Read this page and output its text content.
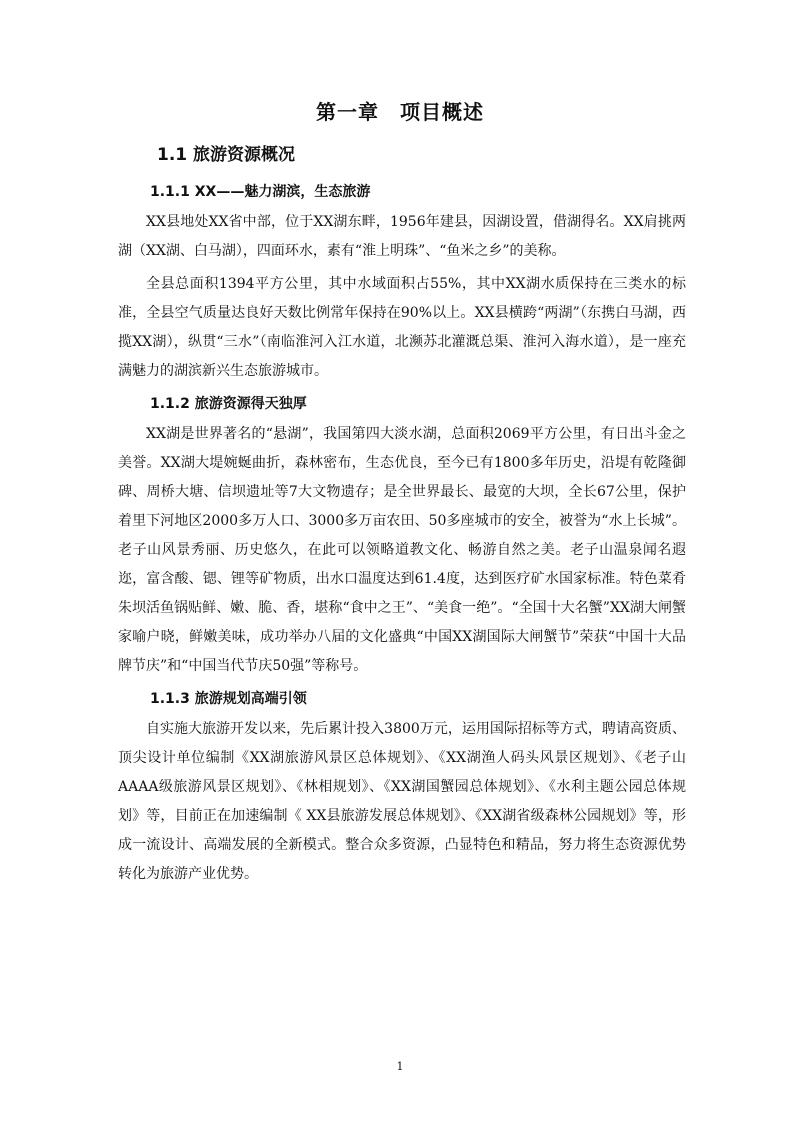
第一章　项目概述
1.1 旅游资源概况
1.1.1 XX——魅力湖滨，生态旅游

XX县地处XX省中部，位于XX湖东畔，1956年建县，因湖设置，借湖得名。XX肩挑两湖（XX湖、白马湖），四面环水，素有“淮上明珠”、“鱼米之乡”的美称。

全县总面积1394平方公里，其中水域面积占55%，其中XX湖水质保持在三类水的标准，全县空气质量达良好天数比例常年保持在90%以上。XX县横跨“两湖”（东携白马湖，西揽XX湖），纵贯“三水”（南临淮河入江水道，北濒苏北灌溉总渠、淮河入海水道），是一座充满魅力的湖滨新兴生态旅游城市。

1.1.2 旅游资源得天独厚

XX湖是世界著名的“悬湖”，我国第四大淡水湖，总面积2069平方公里，有日出斗金之美誉。XX湖大堤婉蜒曲折，森林密布，生态优良，至今已有1800多年历史，沿堤有乾隆御碑、周桥大塘、信坝遗址等7大文物遗存；是全世界最长、最宽的大坝，全长67公里，保护着里下河地区2000多万人口、3000多万亩农田、50多座城市的安全，被誉为“水上长城”。老子山风景秀丽、历史悠久，在此可以领略道教文化、畅游自然之美。老子山温泉闻名遐迩，富含酸、锶、锂等矿物质，出水口温度达到61.4度，达到医疗矿水国家标准。特色菜肴朱坝活鱼锅贴鲜、嫩、脆、香，堪称“食中之王”、“美食一绝”。“全国十大名蟹”XX湖大闸蟹家喻户晓，鲜嫩美味，成功举办八届的文化盛典“中国XX湖国际大闸蟹节”荣获“中国十大品牌节庆”和“中国当代节庆50强”等称号。

1.1.3 旅游规划高端引领

自实施大旅游开发以来，先后累计投入3800万元，运用国际招标等方式，聘请高资质、顶尖设计单位编制《XX湖旅游风景区总体规划》、《XX湖渔人码头风景区规划》、《老子山AAAA级旅游风景区规划》、《林相规划》、《XX湖国蟹园总体规划》、《水利主题公园总体规划》等，目前正在加速编制《 XX县旅游发展总体规划》、《XX湖省级森林公园规划》等，形成一流设计、高端发展的全新模式。整合众多资源，凸显特色和精品，努力将生态资源优势转化为旅游产业优势。

1
